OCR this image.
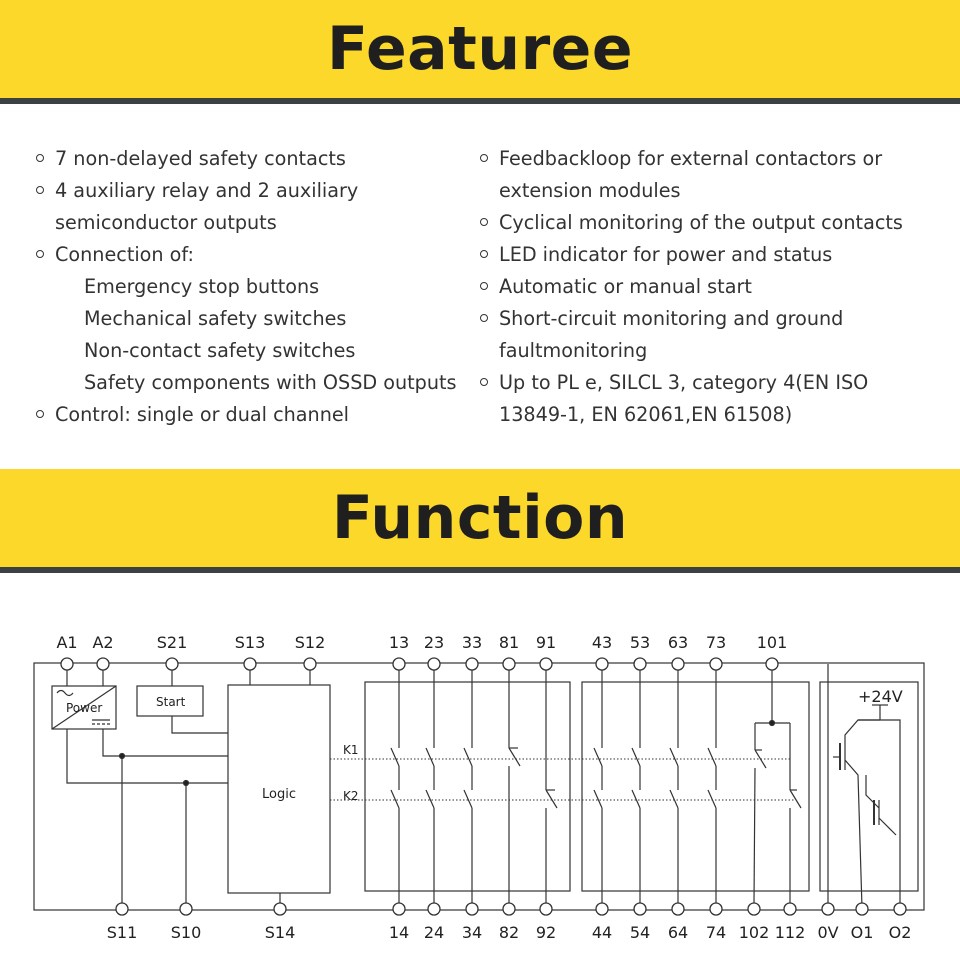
Featuree
7 non-delayed safety contacts
4 auxiliary relay and 2 auxiliary
semiconductor outputs
Connection of:
Emergency stop buttons
Mechanical safety switches
Non-contact safety switches
Safety components with OSSD outputs
Control: single or dual channel
Feedbackloop for external contactors or
extension modules
Cyclical monitoring of the output contacts
LED indicator for power and status
Automatic or manual start
Short-circuit monitoring and ground
faultmonitoring
Up to PL e, SILCL 3, category 4(EN ISO
13849-1, EN 62061,EN 61508)
Function
A1 A2	S21	S13 S12	13 23 33 81 91 43 53 63 73 101
S11 S10	S14	14 24 34 82 92 44 54 64 74 102 112 0V O1 O2
Power	Start
Logic
K1
K2
+24V
